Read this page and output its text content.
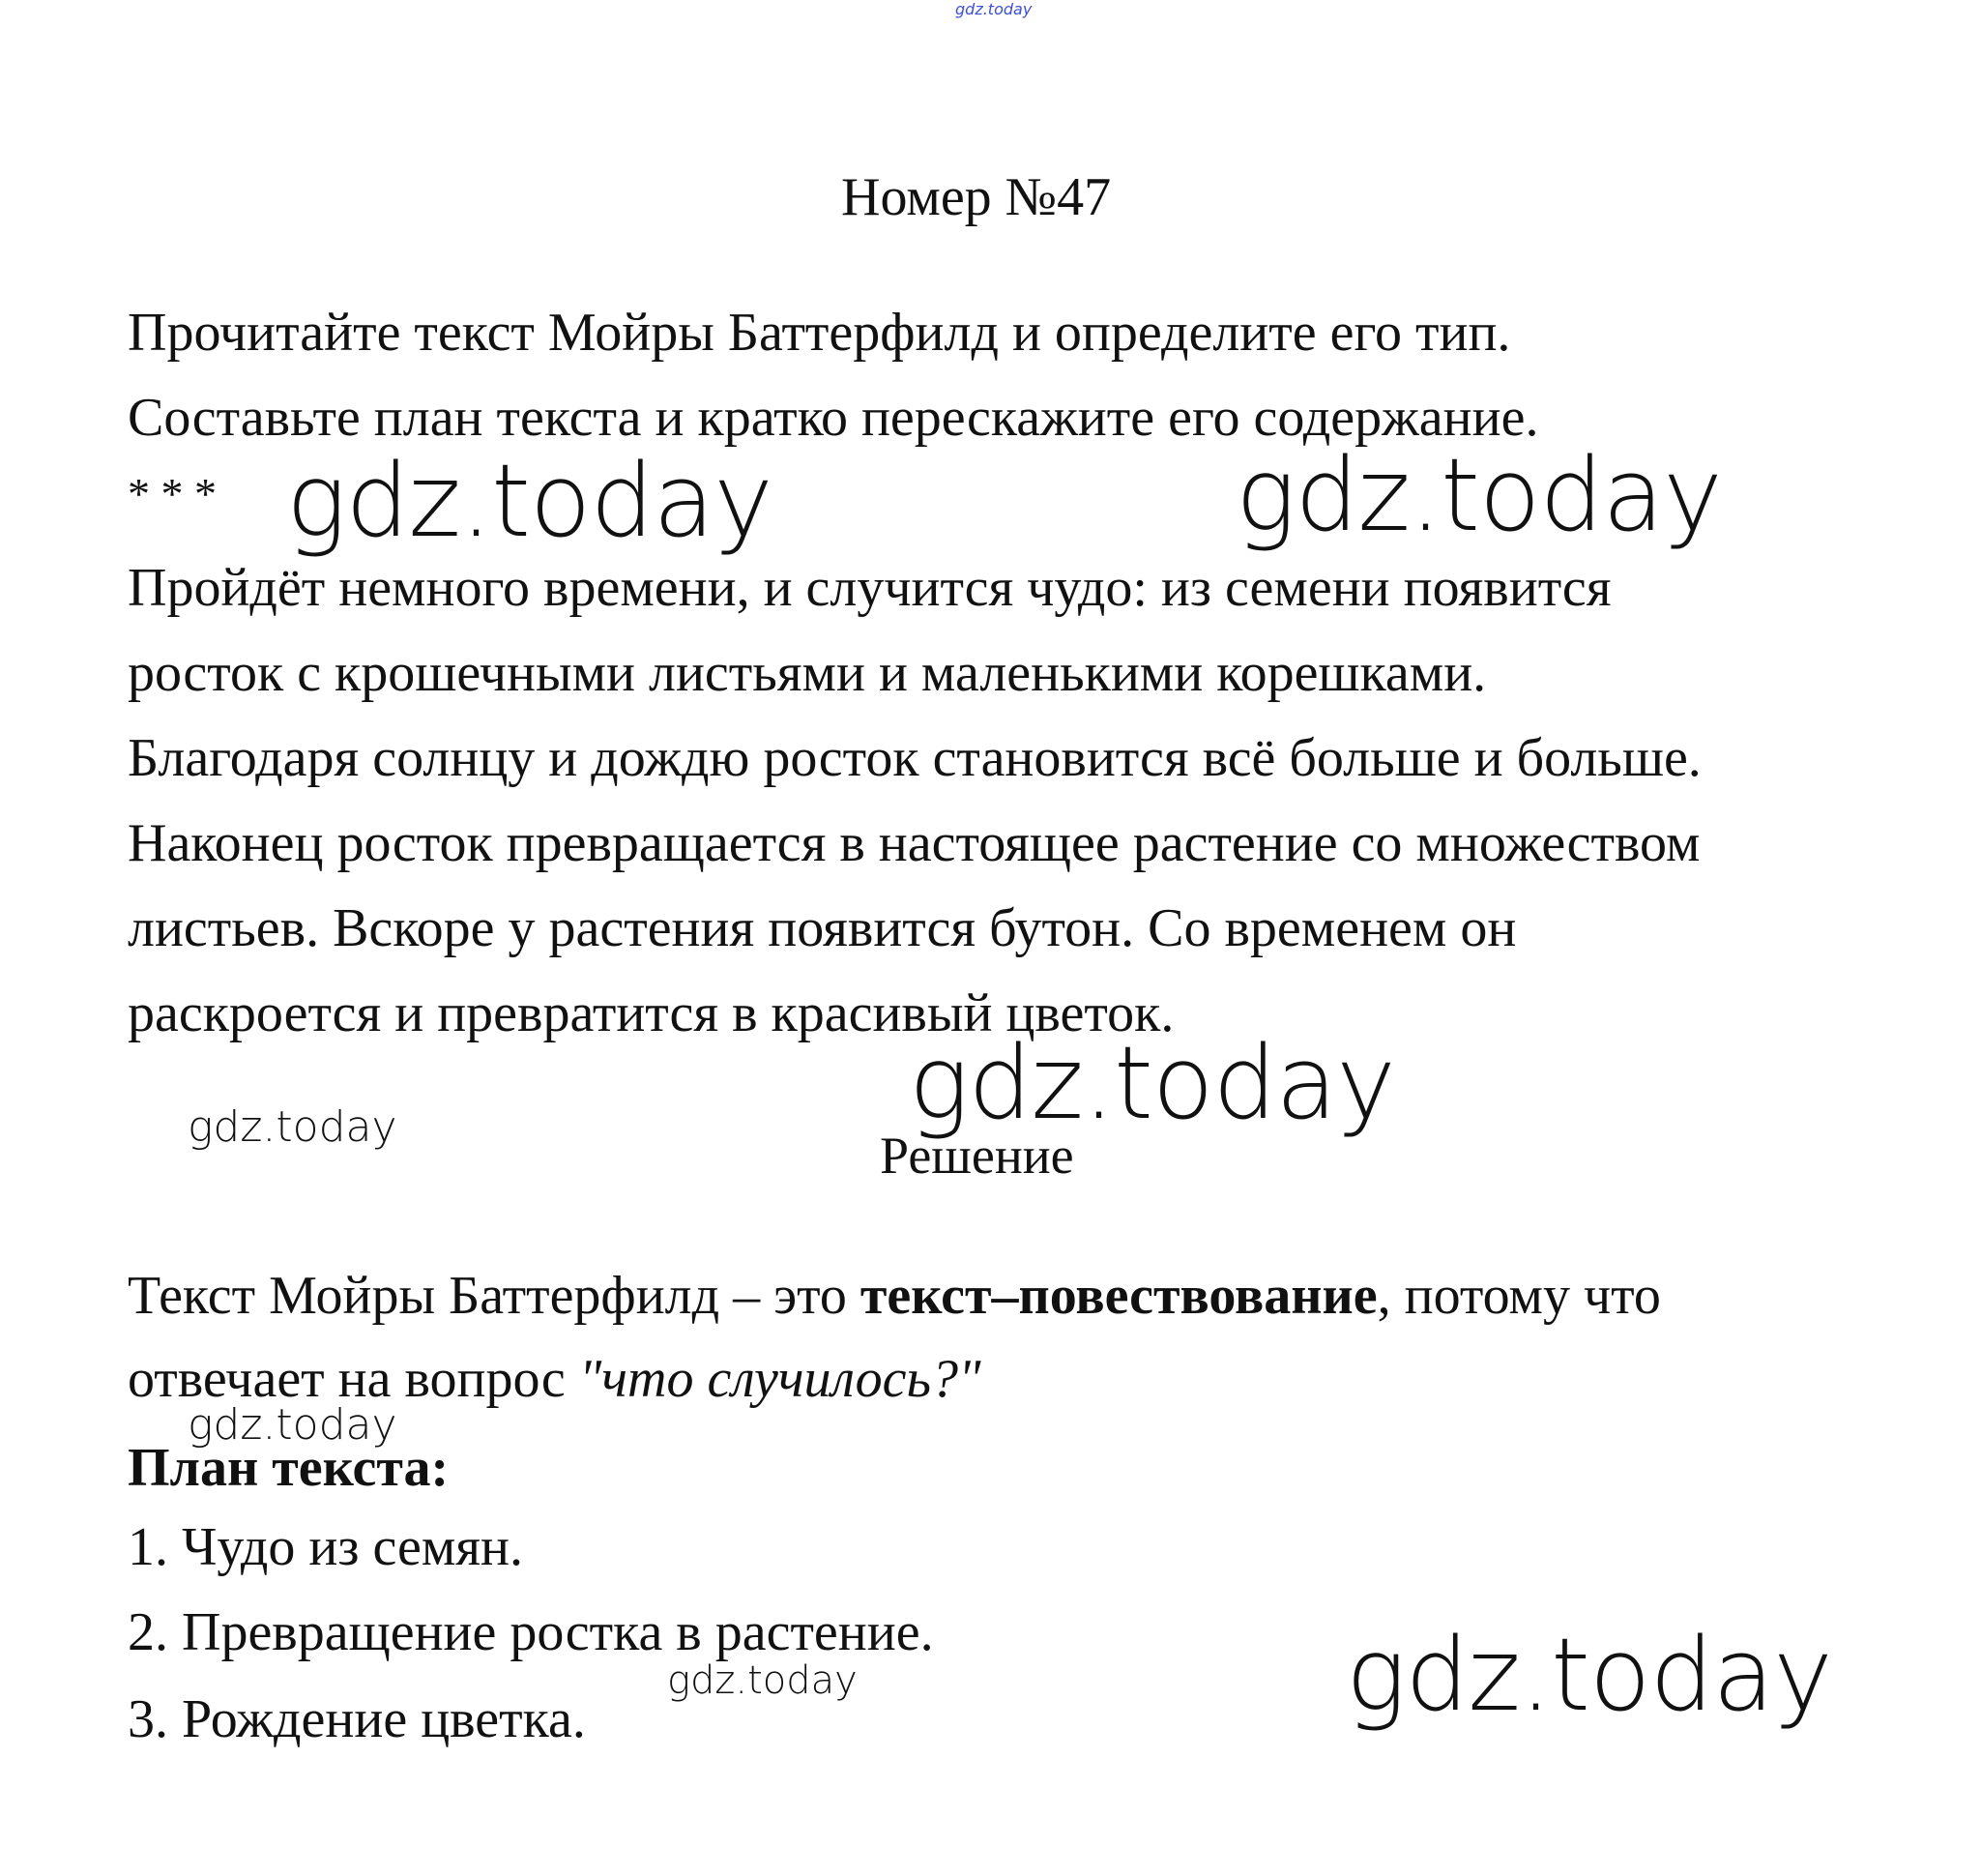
gdz.today
Номер №47
Прочитайте текст Мойры Баттерфилд и определите его тип.
Составьте план текста и кратко перескажите его содержание.
* * * gdz.today	gdz.today
Пройдёт немного времени, и случится чудо: из семени появится
росток с крошечными листьями и маленькими корешками.
Благодаря солнцу и дождю росток становится всё больше и больше.
Наконец росток превращается в настоящее растение со множеством
листьев. Вскоре у растения появится бутон. Со временем он
раскроется и превратится в красивый цветок.
gdz.today
gdz.today	Решение
Текст Мойры Баттерфилд – это текст–повествование, потому что
отвечает на вопрос "что случилось?"
gdz.today
План текста:
1. Чудо из семян.
2. Превращение ростка в растение.
3. Рождение цветка.
gdz.today	gdz.today
